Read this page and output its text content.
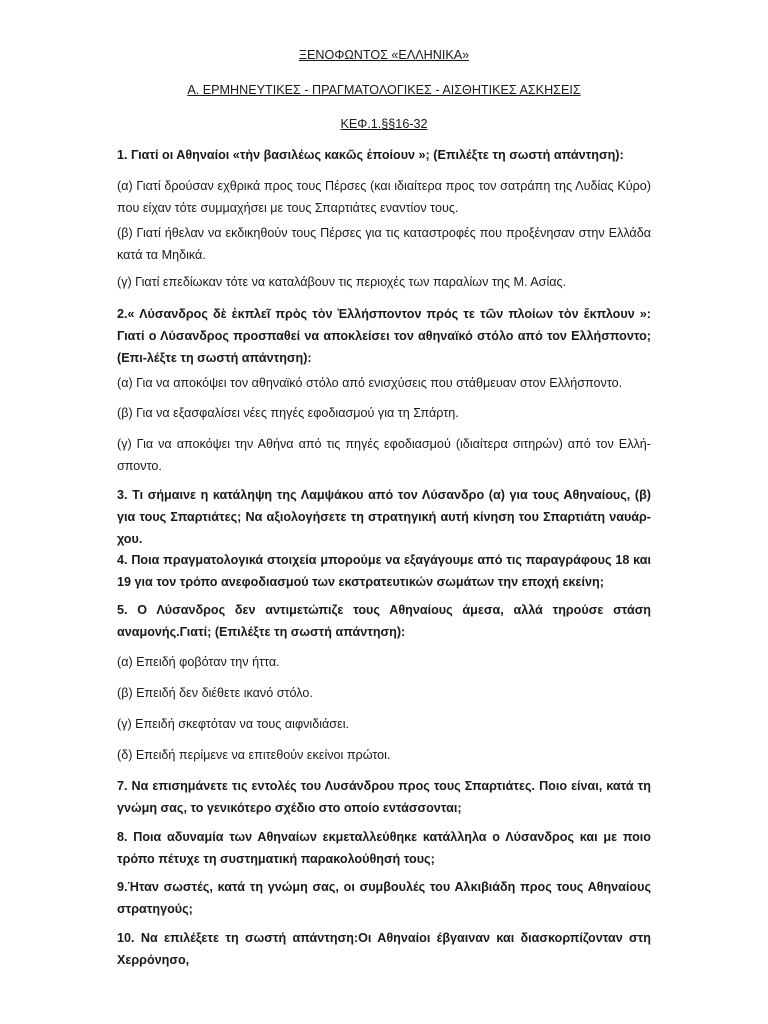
ΞΕΝΟΦΩΝΤΟΣ «ΕΛΛΗΝΙΚΑ»
Α. ΕΡΜΗΝΕΥΤΙΚΕΣ - ΠΡΑΓΜΑΤΟΛΟΓΙΚΕΣ - ΑΙΣΘΗΤΙΚΕΣ ΑΣΚΗΣΕΙΣ
ΚΕΦ.1.§§16-32

1. Γιατί οι Αθηναίοι «τὴν βασιλέως κακῶς ἐποίουν »; (Επιλέξτε τη σωστή απάντηση):

(α) Γιατί δρούσαν εχθρικά προς τους Πέρσες (και ιδιαίτερα προς τον σατράπη της Λυδίας Κύρο) που είχαν τότε συμμαχήσει με τους Σπαρτιάτες εναντίον τους.

(β) Γιατί ήθελαν να εκδικηθούν τους Πέρσες για τις καταστροφές που προξένησαν στην Ελλάδα κατά τα Μηδικά.

(γ) Γιατί επεδίωκαν τότε να καταλάβουν τις περιοχές των παραλίων της Μ. Ασίας.

2.« Λύσανδρος δὲ ἐκπλεῖ πρὸς τὸν Ἑλλήσποντον πρός τε τῶν πλοίων τὸν ἔκπλουν »: Γιατί ο Λύσανδρος προσπαθεί να αποκλείσει τον αθηναϊκό στόλο από τον Ελλήσποντο; (Επι-λέξτε τη σωστή απάντηση):

(α) Για να αποκόψει τον αθηναϊκό στόλο από ενισχύσεις που στάθμευαν στον Ελλήσποντο.

(β) Για να εξασφαλίσει νέες πηγές εφοδιασμού για τη Σπάρτη.

(γ) Για να αποκόψει την Αθήνα από τις πηγές εφοδιασμού (ιδιαίτερα σιτηρών) από τον Ελλή-σποντο.

3. Τι σήμαινε η κατάληψη της Λαμψάκου από τον Λύσανδρο (α) για τους Αθηναίους, (β) για τους Σπαρτιάτες; Να αξιολογήσετε τη στρατηγική αυτή κίνηση του Σπαρτιάτη ναυάρ-χου.

4. Ποια πραγματολογικά στοιχεία μπορούμε να εξαγάγουμε από τις παραγράφους 18 και 19 για τον τρόπο ανεφοδιασμού των εκστρατευτικών σωμάτων την εποχή εκείνη;

5. Ο Λύσανδρος δεν αντιμετώπιζε τους Αθηναίους άμεσα, αλλά τηρούσε στάση αναμονής.Γιατί; (Επιλέξτε τη σωστή απάντηση):

(α) Επειδή φοβόταν την ήττα.

(β) Επειδή δεν διέθετε ικανό στόλο.

(γ) Επειδή σκεφτόταν να τους αιφνιδιάσει.

(δ) Επειδή περίμενε να επιτεθούν εκείνοι πρώτοι.

7. Να επισημάνετε τις εντολές του Λυσάνδρου προς τους Σπαρτιάτες. Ποιο είναι, κατά τη γνώμη σας, το γενικότερο σχέδιο στο οποίο εντάσσονται;

8. Ποια αδυναμία των Αθηναίων εκμεταλλεύθηκε κατάλληλα ο Λύσανδρος και με ποιο τρόπο πέτυχε τη συστηματική παρακολούθησή τους;

9.Ήταν σωστές, κατά τη γνώμη σας, οι συμβουλές του Αλκιβιάδη προς τους Αθηναίους στρατηγούς;

10. Να επιλέξετε τη σωστή απάντηση:Οι Αθηναίοι έβγαιναν και διασκορπίζονταν στη Χερρόνησο,
